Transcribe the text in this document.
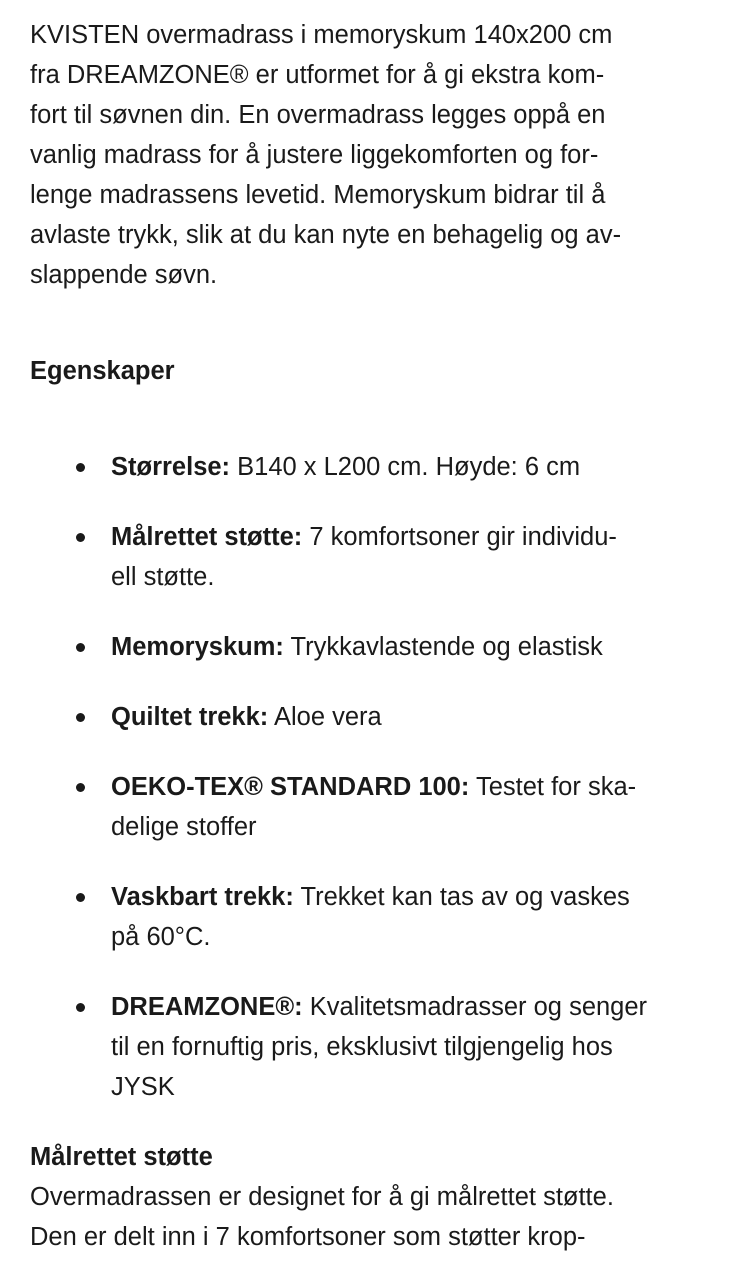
KVISTEN overmadrass i memoryskum 140x200 cm
fra DREAMZONE® er utformet for å gi ekstra kom-
fort til søvnen din. En overmadrass legges oppå en
vanlig madrass for å justere liggekomforten og for-
lenge madrassens levetid. Memoryskum bidrar til å
avlaste trykk, slik at du kan nyte en behagelig og av-
slappende søvn.
Egenskaper
Størrelse: B140 x L200 cm. Høyde: 6 cm
Målrettet støtte: 7 komfortsoner gir individu-
ell støtte.
Memoryskum: Trykkavlastende og elastisk
Quiltet trekk: Aloe vera
OEKO-TEX® STANDARD 100: Testet for ska-
delige stoffer
Vaskbart trekk: Trekket kan tas av og vaskes
på 60°C.
DREAMZONE®: Kvalitetsmadrasser og senger
til en fornuftig pris, eksklusivt tilgjengelig hos
JYSK
Målrettet støtte
Overmadrassen er designet for å gi målrettet støtte.
Den er delt inn i 7 komfortsoner som støtter krop-
